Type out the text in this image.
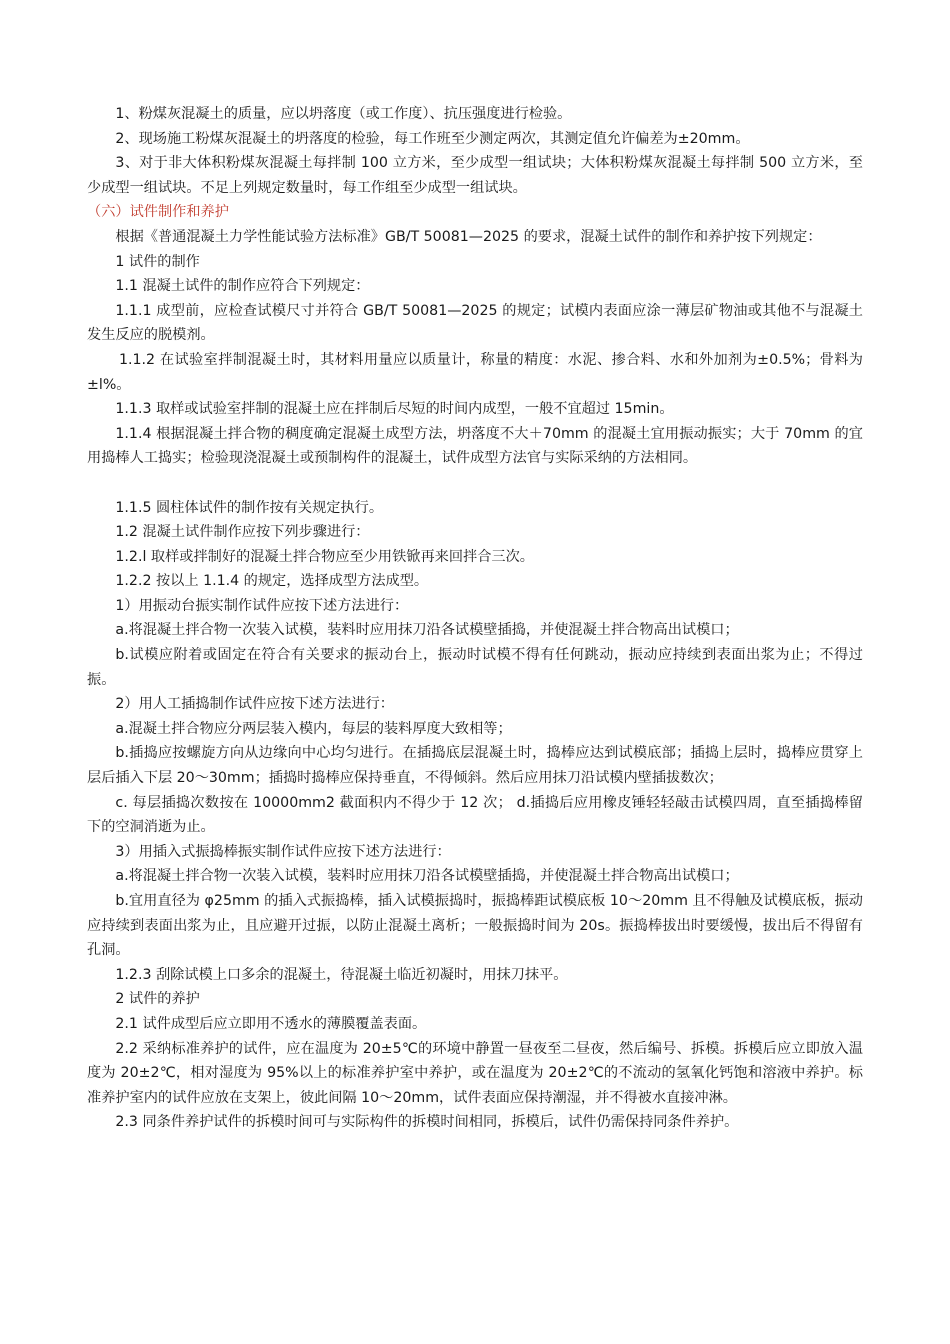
1、粉煤灰混凝土的质量，应以坍落度（或工作度）、抗压强度进行检验。

2、现场施工粉煤灰混凝土的坍落度的检验，每工作班至少测定两次，其测定值允许偏差为±20mm。

3、对于非大体积粉煤灰混凝土每拌制 100 立方米，至少成型一组试块；大体积粉煤灰混凝土每拌制 500 立方米，至少成型一组试块。不足上列规定数量时，每工作组至少成型一组试块。

（六）试件制作和养护

根据《普通混凝土力学性能试验方法标准》GB/T 50081—2025 的要求，混凝土试件的制作和养护按下列规定：

1 试件的制作

1.1 混凝土试件的制作应符合下列规定：

1.1.1 成型前，应检查试模尺寸并符合 GB/T 50081—2025 的规定；试模内表面应涂一薄层矿物油或其他不与混凝土发生反应的脱模剂。

1.1.2 在试验室拌制混凝土时，其材料用量应以质量计，称量的精度：水泥、掺合料、水和外加剂为±0.5%；骨料为±l%。

1.1.3 取样或试验室拌制的混凝土应在拌制后尽短的时间内成型，一般不宜超过 15min。

1.1.4 根据混凝土拌合物的稠度确定混凝土成型方法，坍落度不大＋70mm 的混凝土宜用振动振实；大于 70mm 的宜用捣棒人工捣实；检验现浇混凝土或预制构件的混凝土，试件成型方法官与实际采纳的方法相同。

1.1.5 圆柱体试件的制作按有关规定执行。

1.2 混凝土试件制作应按下列步骤进行：

1.2.l 取样或拌制好的混凝土拌合物应至少用铁锨再来回拌合三次。

1.2.2 按以上 1.1.4 的规定，选择成型方法成型。

1）用振动台振实制作试件应按下述方法进行：

a.将混凝土拌合物一次装入试模，装料时应用抹刀沿各试模壁插捣，并使混凝土拌合物高出试模口；

b.试模应附着或固定在符合有关要求的振动台上，振动时试模不得有任何跳动，振动应持续到表面出浆为止；不得过振。

2）用人工插捣制作试件应按下述方法进行：

a.混凝土拌合物应分两层装入模内，每层的装料厚度大致相等；

b.插捣应按螺旋方向从边缘向中心均匀进行。在插捣底层混凝土时，捣棒应达到试模底部；插捣上层时，捣棒应贯穿上层后插入下层 20～30mm；插捣时捣棒应保持垂直，不得倾斜。然后应用抹刀沿试模内壁插拔数次；

c. 每层插捣次数按在 10000mm2 截面积内不得少于 12 次； d.插捣后应用橡皮锤轻轻敲击试模四周，直至插捣棒留下的空洞消逝为止。

3）用插入式振捣棒振实制作试件应按下述方法进行：

a.将混凝土拌合物一次装入试模，装料时应用抹刀沿各试模壁插捣，并使混凝土拌合物高出试模口；

b.宜用直径为 φ25mm 的插入式振捣棒，插入试模振捣时，振捣棒距试模底板 10～20mm 且不得触及试模底板，振动应持续到表面出浆为止，且应避开过振，以防止混凝土离析；一般振捣时间为 20s。振捣棒拔出时要缓慢，拔出后不得留有孔洞。

1.2.3 刮除试模上口多余的混凝土，待混凝土临近初凝时，用抹刀抹平。

2 试件的养护

2.1 试件成型后应立即用不透水的薄膜覆盖表面。

2.2 采纳标准养护的试件，应在温度为 20±5℃的环境中静置一昼夜至二昼夜，然后编号、拆模。拆模后应立即放入温度为 20±2℃，相对湿度为 95%以上的标准养护室中养护，或在温度为 20±2℃的不流动的氢氧化钙饱和溶液中养护。标准养护室内的试件应放在支架上，彼此间隔 10～20mm，试件表面应保持潮湿，并不得被水直接冲淋。

2.3 同条件养护试件的拆模时间可与实际构件的拆模时间相同，拆模后，试件仍需保持同条件养护。
